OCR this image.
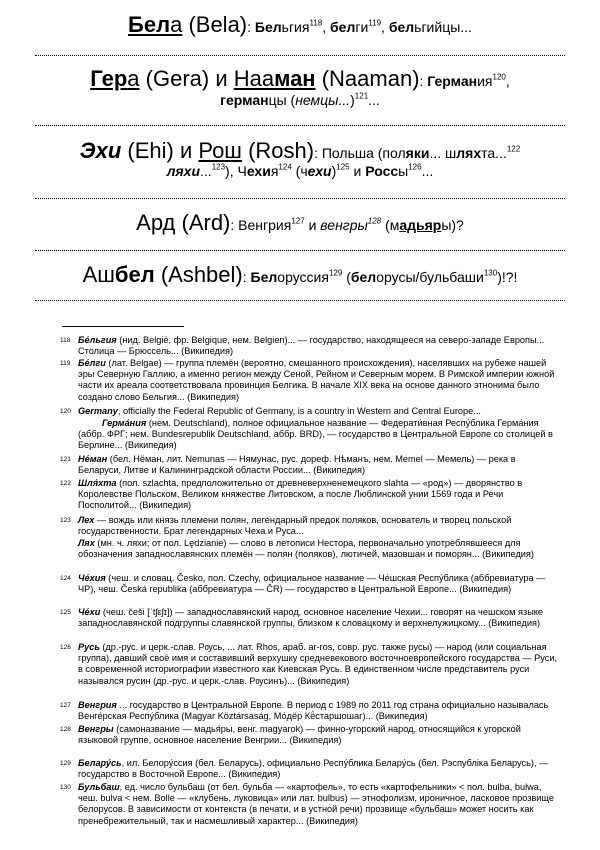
Бела (Bela): Бельгия$^{118}$, белги$^{119}$, бельгийцы...
Гера (Gera) и Нааман (Naaman): Германия$^{120}$,
германцы (немцы...)$^{121}$...
Эхи (Ehi) и Рош (Rosh): Польша (поляки... шляхта...$^{122}$
ляхи...$^{123}$), Чехия$^{124}$ (чехи)$^{125}$ и Россы$^{126}$...
Ард (Ard): Венгрия$^{127}$ и венгры$^{128}$ (мадьяры)?
Ашбел (Ashbel): Белоруссия$^{129}$ (белорусы/бульбаши$^{130}$)!?!
118 Бе́льгия (нид. België, фр. Belgique, нем. Belgien)... — государство, находящееся на северо-западе Европы... Столица — Брюссель... (Википедия)
119 Бе́лги (лат. Belgae) — группа племён (вероятно, смешанного происхождения), населявших на рубеже нашей эры Северную Галлию, а именно регион между Сеной, Рейном и Северным морем. В Римской империи южной части их ареала соответствовала провинция Белгика. В начале XIX века на основе данного этнонима было создано слово Бельгия... (Википедия)
120 Germany, officially the Federal Republic of Germany, is a country in Western and Central Europe...
Герма́ния (нем. Deutschland), полное официальное название — Федерати́вная Респу́блика Герма́ния (аббр. ФРГ; нем. Bundesrepublik Deutschland, аббр. BRD), — государство в Центральной Европе со столицей в Берлине... (Википедия)
121 Не́ман (бел. Нёман, лит. Nemunas — Нямунас, рус. дореф. Нѣманъ, нем. Memel — Мемель) — река в Беларуси, Литве и Калининградской области России... (Википедия)
122 Шля́хта (пол. szlachta, предположительно от древневерхненемецкого slahta — «род») — дворянство в Королевстве Польском, Великом княжестве Литовском, а после Люблинской унии 1569 года и Речи Посполитой... (Википедия)
123 Лех — вождь или князь племени полян, легендарный предок поляков, основатель и творец польской государственности. Брат легендарных Чеха и Руса...
Лях (мн. ч. ляхи; от пол. Lędzianie) — слово в летописи Нестора, первоначально употреблявшееся для обозначения западнославянских племён — полян (поляков), лютичей, мазовшан и поморян... (Википедия)
124 Че́хия (чеш. и словац. Česko, пол. Czechy, официальное название — Че́шская Респу́блика (аббревиатура — ЧР), чеш. Česká republika (аббревиатура — ČR) — государство в Центральной Европе... (Википедия)
125 Че́хи (чеш. češi [ˈtʃɛʃɪ]) — западнославянский народ, основное население Чехии... говорят на чешском языке западнославянской подгруппы славянской группы, близком к словацкому и верхнелужицкому... (Википедия)
126 Русь (др.-рус. и церк.-слав. Рѹсь, ... лат. Rhos, араб. ar-ros, совр. рус. также русы) — народ (или социальная группа), давший своё имя и составивший верхушку средневекового восточноевропейского государства — Руси, в современной историографии известного как Киевская Русь. В единственном числе представитель руси назывался русин (др.-рус. и церк.-слав. Рѹсинъ)... (Википедия)
127 Венгрия ... государство в Центральной Европе. В период с 1989 по 2011 год страна официально называлась Венге́рская Респу́блика (Magyar Köztársaság, Мо́дёр Кё́старшошаг)... (Википедия)
128 Венгры (самоназвание — мадья́ры, венг. magyarok) — финно-угорский народ, относящийся к угорской языковой группе, основное население Венгрии... (Википедия)
129 Белару́сь, ил. Белору́ссия (бел. Беларусь), официально Респу́блика Белару́сь (бел. Рэспубліка Беларусь), — государство в Восточной Европе... (Википедия)
130 Бульбаш, ед. число бульбаш (от бел. бульба — «картофель», то есть «картофельники» < пол. bulba, bulwa, чеш. bulva < нем. Bolle — «клубень, луковица» или лат. bulbus) — этнофолизм, ироничное, ласковое прозвище белорусов. В зависимости от контекста (в печати, и в устной речи) прозвище «бульбаш» может носить как пренебрежительный, так и насмешливый характер... (Википедия)
